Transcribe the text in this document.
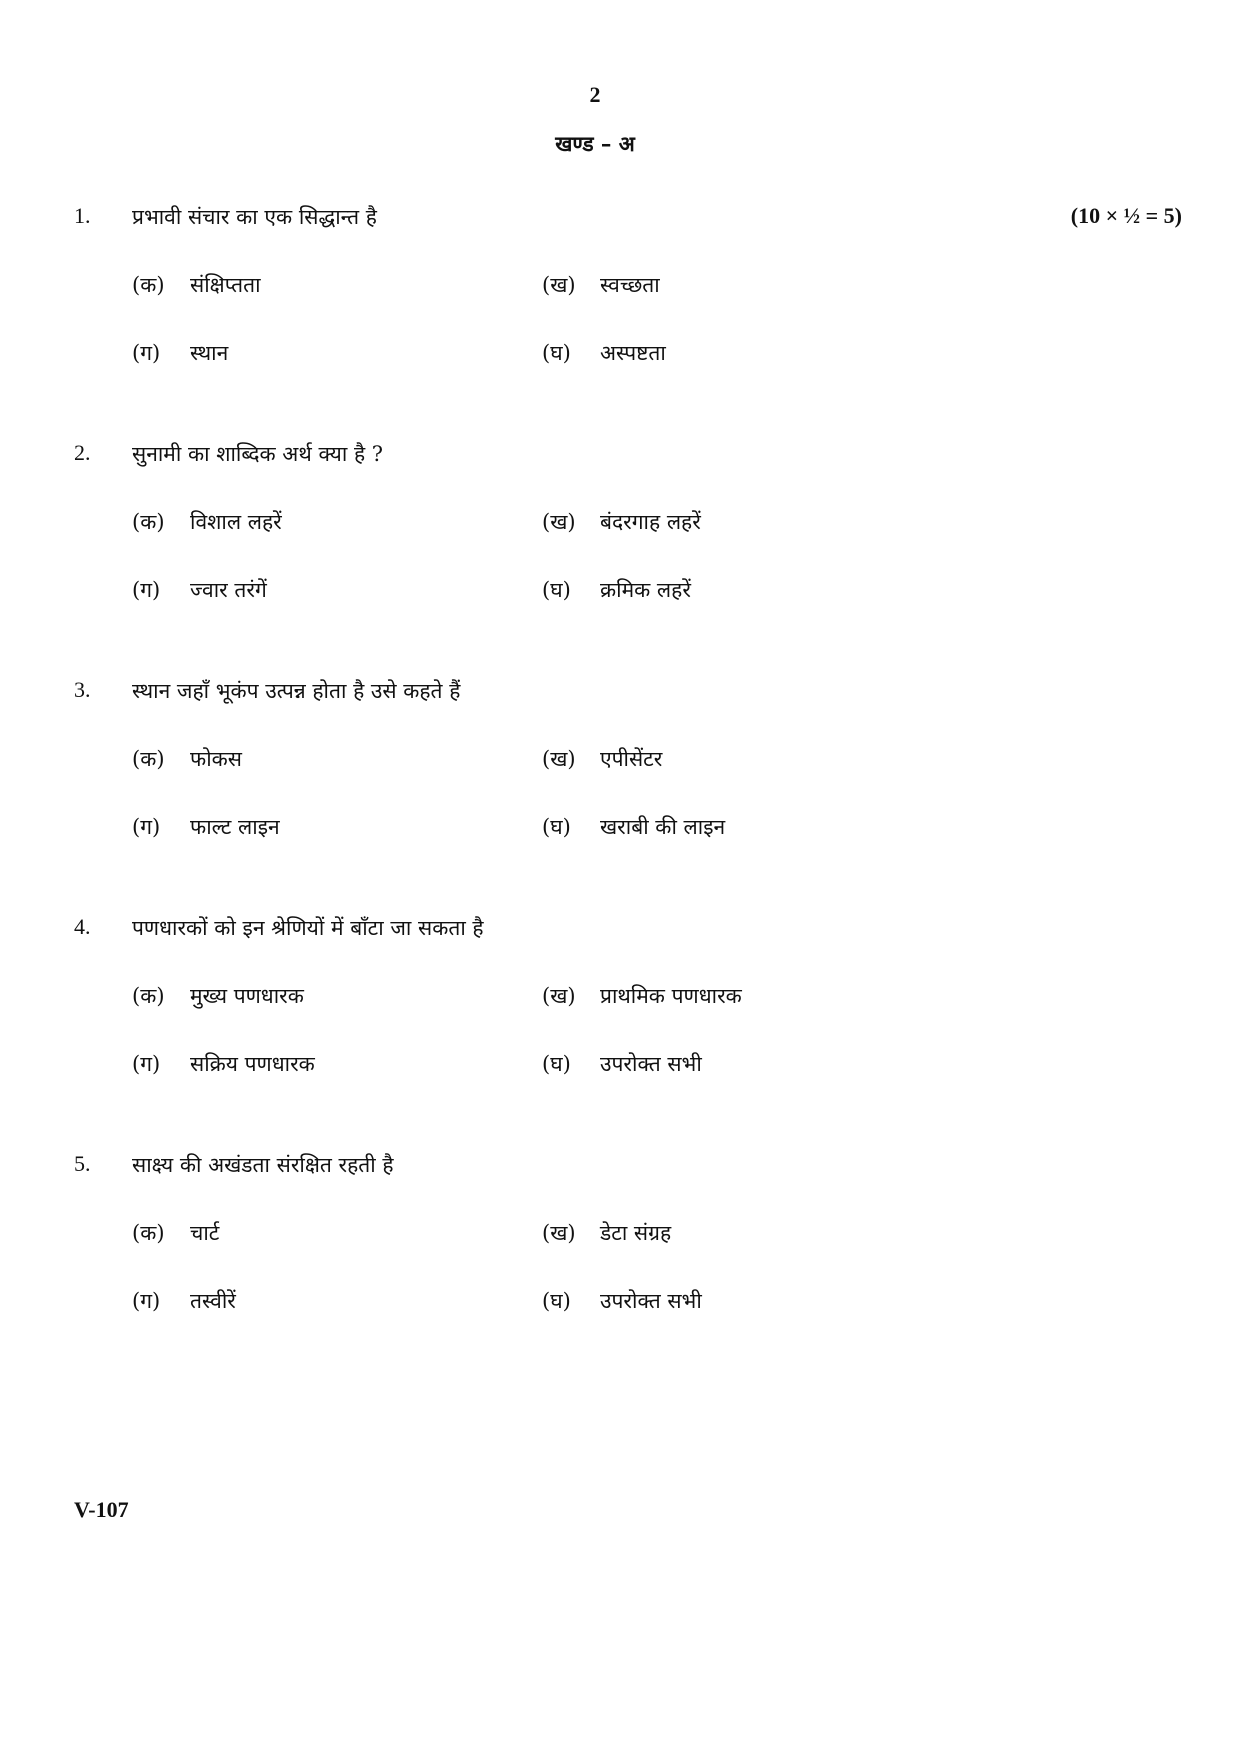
2
खण्ड – अ
1. प्रभावी संचार का एक सिद्धान्त है	(10 × ½ = 5)
(क) संक्षिप्तता	(ख) स्वच्छता
(ग) स्थान	(घ) अस्पष्टता
2. सुनामी का शाब्दिक अर्थ क्या है ?
(क) विशाल लहरें	(ख) बंदरगाह लहरें
(ग) ज्वार तरंगें	(घ) क्रमिक लहरें
3. स्थान जहाँ भूकंप उत्पन्न होता है उसे कहते हैं
(क) फोकस	(ख) एपीसेंटर
(ग) फाल्ट लाइन	(घ) खराबी की लाइन
4. पणधारकों को इन श्रेणियों में बाँटा जा सकता है
(क) मुख्य पणधारक	(ख) प्राथमिक पणधारक
(ग) सक्रिय पणधारक	(घ) उपरोक्त सभी
5. साक्ष्य की अखंडता संरक्षित रहती है
(क) चार्ट	(ख) डेटा संग्रह
(ग) तस्वीरें	(घ) उपरोक्त सभी
V-107
